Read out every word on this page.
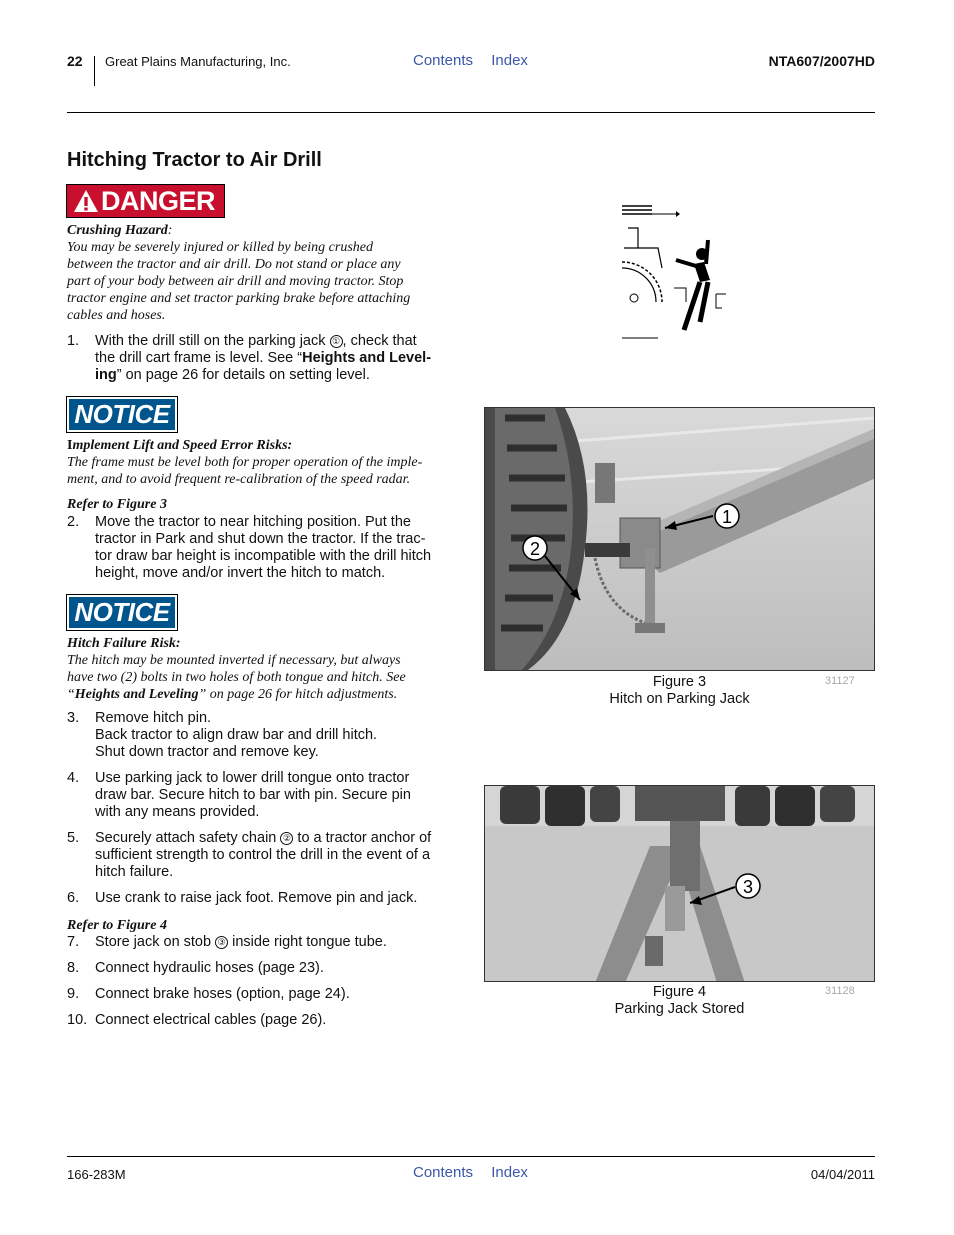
22 Great Plains Manufacturing, Inc.	Contents Index	NTA607/2007HD
Hitching Tractor to Air Drill
DANGER
Crushing Hazard:
You may be severely injured or killed by being crushed
between the tractor and air drill. Do not stand or place any
part of your body between air drill and moving tractor. Stop
tractor engine and set tractor parking brake before attaching
cables and hoses.
1. With the drill still on the parking jack ① , check that
the drill cart frame is level. See “Heights and Level-
ing” on page 26 for details on setting level.
NOTICE
Implement Lift and Speed Error Risks:
The frame must be level both for proper operation of the imple-
ment, and to avoid frequent re-calibration of the speed radar.
Refer to Figure 3
2. Move the tractor to near hitching position. Put the
tractor in Park and shut down the tractor. If the trac-
tor draw bar height is incompatible with the drill hitch
height, move and/or invert the hitch to match.
NOTICE
Hitch Failure Risk:
The hitch may be mounted inverted if necessary, but always
have two (2) bolts in two holes of both tongue and hitch. See
“Heights and Leveling” on page 26 for hitch adjustments.
3. Remove hitch pin.
Back tractor to align draw bar and drill hitch.
Shut down tractor and remove key.
4. Use parking jack to lower drill tongue onto tractor
draw bar. Secure hitch to bar with pin. Secure pin
with any means provided.
5. Securely attach safety chain ② to a tractor anchor of
sufficient strength to control the drill in the event of a
hitch failure.
6. Use crank to raise jack foot. Remove pin and jack.
Refer to Figure 4
7. Store jack on stob ③ inside right tongue tube.
8. Connect hydraulic hoses (page 23).
9. Connect brake hoses (option, page 24).
10. Connect electrical cables (page 26).
1
2
Figure 3
Hitch on Parking Jack
31127
3
Figure 4
Parking Jack Stored
31128
166-283M	Contents Index	04/04/2011
